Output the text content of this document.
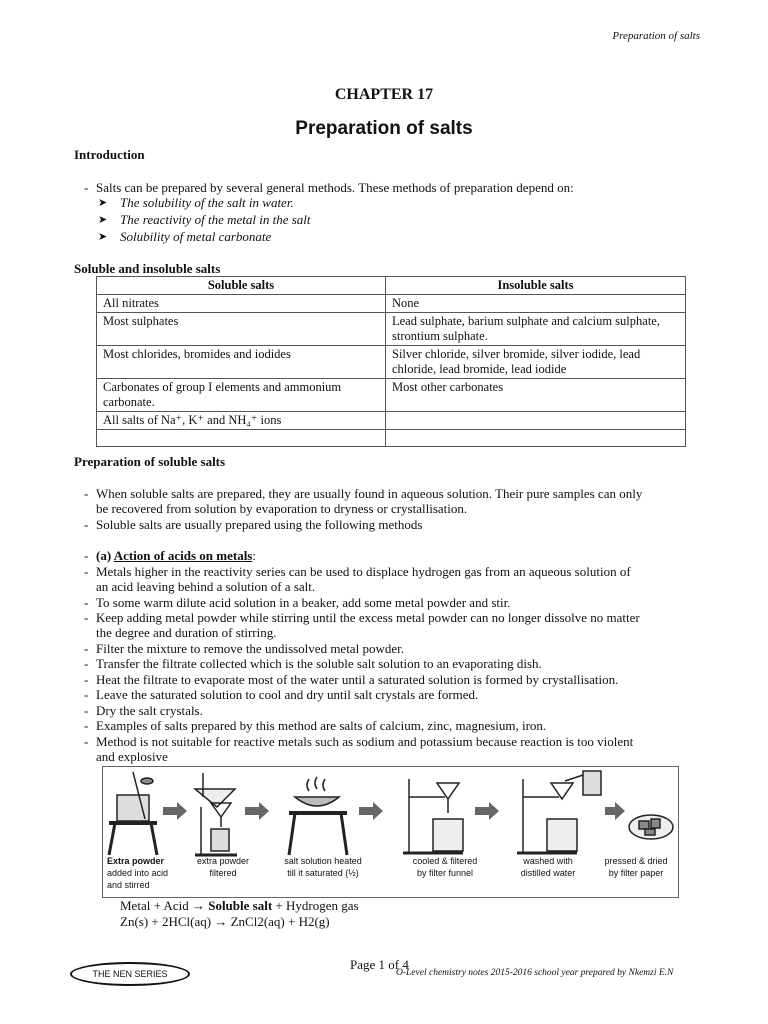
Preparation of salts
CHAPTER 17
Preparation of salts
Introduction
- Salts can be prepared by several general methods. These methods of preparation depend on:
➤ The solubility of the salt in water.
➤ The reactivity of the metal in the salt
➤ Solubility of metal carbonate
Soluble and insoluble salts
Soluble salts	Insoluble salts
All nitrates	None
Most sulphates	Lead sulphate, barium sulphate and calcium sulphate, strontium sulphate.
Most chlorides, bromides and iodides	Silver chloride, silver bromide, silver iodide, lead chloride, lead bromide, lead iodide
Carbonates of group I elements and ammonium carbonate.	Most other carbonates
All salts of Na⁺, K⁺ and NH₄⁺ ions	

Preparation of soluble salts
- When soluble salts are prepared, they are usually found in aqueous solution. Their pure samples can only
be recovered from solution by evaporation to dryness or crystallisation.
- Soluble salts are usually prepared using the following methods
- (a) Action of acids on metals:
- Metals higher in the reactivity series can be used to displace hydrogen gas from an aqueous solution of
an acid leaving behind a solution of a salt.
- To some warm dilute acid solution in a beaker, add some metal powder and stir.
- Keep adding metal powder while stirring until the excess metal powder can no longer dissolve no matter
the degree and duration of stirring.
- Filter the mixture to remove the undissolved metal powder.
- Transfer the filtrate collected which is the soluble salt solution to an evaporating dish.
- Heat the filtrate to evaporate most of the water until a saturated solution is formed by crystallisation.
- Leave the saturated solution to cool and dry until salt crystals are formed.
- Dry the salt crystals.
- Examples of salts prepared by this method are salts of calcium, zinc, magnesium, iron.
- Method is not suitable for reactive metals such as sodium and potassium because reaction is too violent
and explosive
Extra powder
added into acid
and stirred
extra powder
filtered
salt solution heated
till it saturated (½)
cooled & filtered
by filter funnel
washed with
distilled water
pressed & dried
by filter paper
Metal + Acid → Soluble salt + Hydrogen gas
Zn(s) + 2HCl(aq) → ZnCl2(aq) + H2(g)
THE NEN SERIES
Page 1 of 4
O-Level chemistry notes 2015-2016 school year prepared by Nkemzi E.N
